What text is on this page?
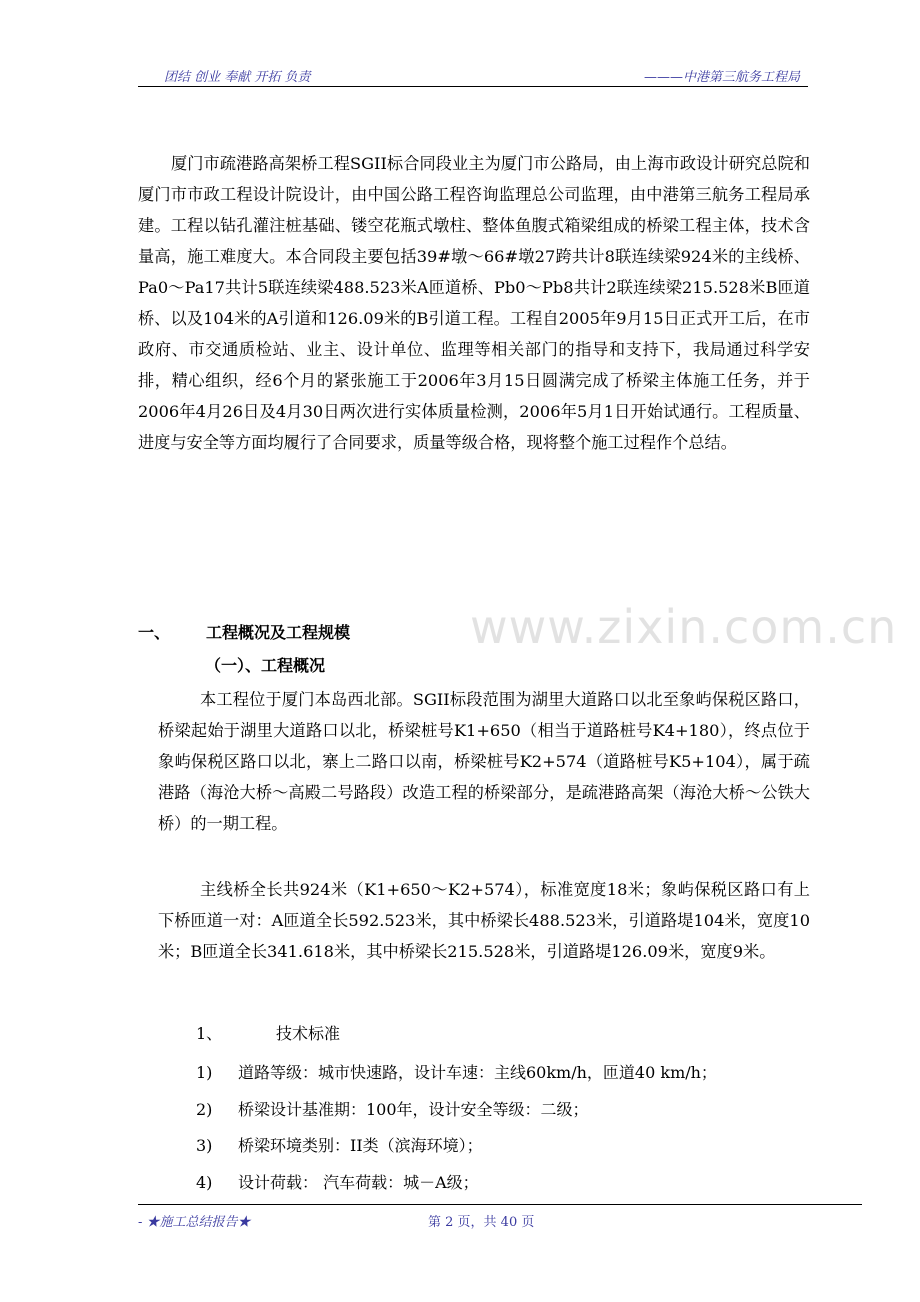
团结 创业 奉献 开拓 负责	———中港第三航务工程局
www.zixin.com.cn
厦门市疏港路高架桥工程SGII标合同段业主为厦门市公路局，由上海市政设计研究总院和厦门市市政工程设计院设计，由中国公路工程咨询监理总公司监理，由中港第三航务工程局承建。工程以钻孔灌注桩基础、镂空花瓶式墩柱、整体鱼腹式箱梁组成的桥梁工程主体，技术含量高，施工难度大。本合同段主要包括39#墩～66#墩27跨共计8联连续梁924米的主线桥、Pa0～Pa17共计5联连续梁488.523米A匝道桥、Pb0～Pb8共计2联连续梁215.528米B匝道桥、以及104米的A引道和126.09米的B引道工程。工程自2005年9月15日正式开工后，在市政府、市交通质检站、业主、设计单位、监理等相关部门的指导和支持下，我局通过科学安排，精心组织，经6个月的紧张施工于2006年3月15日圆满完成了桥梁主体施工任务，并于2006年4月26日及4月30日两次进行实体质量检测，2006年5月1日开始试通行。工程质量、进度与安全等方面均履行了合同要求，质量等级合格，现将整个施工过程作个总结。
一、 工程概况及工程规模
（一）、工程概况
本工程位于厦门本岛西北部。SGII标段范围为湖里大道路口以北至象屿保税区路口，桥梁起始于湖里大道路口以北，桥梁桩号K1+650（相当于道路桩号K4+180），终点位于象屿保税区路口以北，寨上二路口以南，桥梁桩号K2+574（道路桩号K5+104），属于疏港路（海沧大桥～高殿二号路段）改造工程的桥梁部分，是疏港路高架（海沧大桥～公铁大桥）的一期工程。
主线桥全长共924米（K1+650～K2+574），标准宽度18米；象屿保税区路口有上下桥匝道一对：A匝道全长592.523米，其中桥梁长488.523米，引道路堤104米，宽度10米；B匝道全长341.618米，其中桥梁长215.528米，引道路堤126.09米，宽度9米。
1、	技术标准
1) 道路等级：城市快速路，设计车速：主线60km/h，匝道40 km/h；
2) 桥梁设计基准期：100年，设计安全等级：二级；
3) 桥梁环境类别：II类（滨海环境）；
4) 设计荷载： 汽车荷载：城－A级；
- ★施工总结报告★	第 2 页，共 40 页
